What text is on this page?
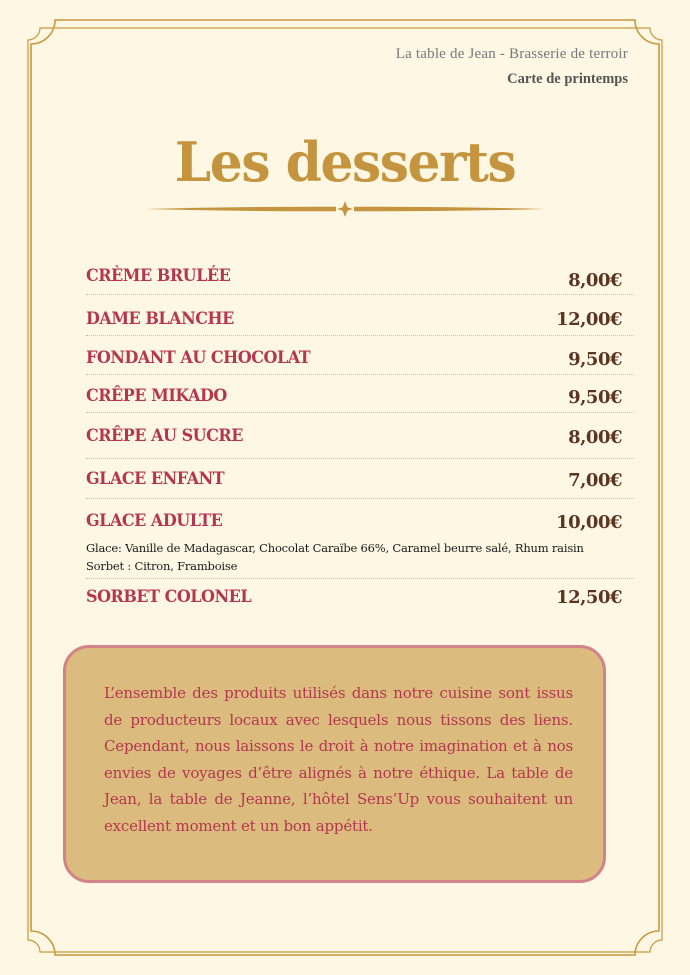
La table de Jean - Brasserie de terroir
Carte de printemps
Les desserts
CRÈME BRULÉE	8,00€
DAME BLANCHE	12,00€
FONDANT AU CHOCOLAT	9,50€
CRÊPE MIKADO	9,50€
CRÊPE AU SUCRE	8,00€
GLACE ENFANT	7,00€
GLACE ADULTE	10,00€
Glace: Vanille de Madagascar, Chocolat Caraïbe 66%, Caramel beurre salé, Rhum raisin
Sorbet : Citron, Framboise
SORBET COLONEL	12,50€

L’ensemble des produits utilisés dans notre cuisine sont issus de producteurs locaux avec lesquels nous tissons des liens. Cependant, nous laissons le droit à notre imagination et à nos envies de voyages d’être alignés à notre éthique. La table de Jean, la table de Jeanne, l’hôtel Sens’Up vous souhaitent un excellent moment et un bon appétit.
